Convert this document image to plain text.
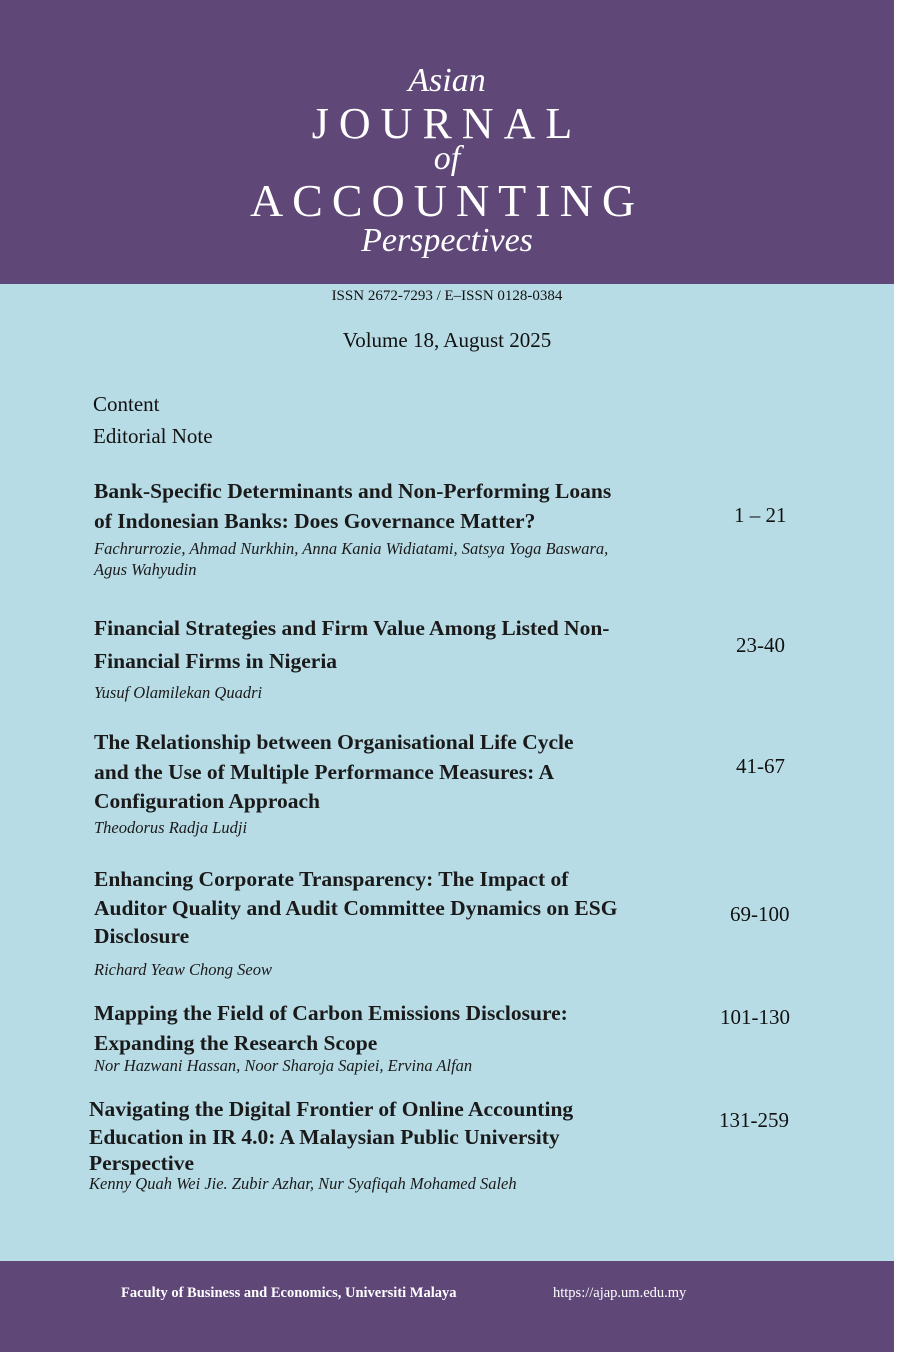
Asian
JOURNAL
of
ACCOUNTING
Perspectives
ISSN 2672-7293 / E–ISSN 0128-0384
Volume 18, August 2025
Content
Editorial Note
Bank-Specific Determinants and Non-Performing Loans
of Indonesian Banks: Does Governance Matter?
Fachrurrozie, Ahmad Nurkhin, Anna Kania Widiatami, Satsya Yoga Baswara,
Agus Wahyudin
1 – 21
Financial Strategies and Firm Value Among Listed Non-
Financial Firms in Nigeria
Yusuf Olamilekan Quadri
23-40
The Relationship between Organisational Life Cycle
and the Use of Multiple Performance Measures: A
Configuration Approach
Theodorus Radja Ludji
41-67
Enhancing Corporate Transparency: The Impact of
Auditor Quality and Audit Committee Dynamics on ESG
Disclosure
Richard Yeaw Chong Seow
69-100
Mapping the Field of Carbon Emissions Disclosure:
Expanding the Research Scope
Nor Hazwani Hassan, Noor Sharoja Sapiei, Ervina Alfan
101-130
Navigating the Digital Frontier of Online Accounting
Education in IR 4.0: A Malaysian Public University
Perspective
Kenny Quah Wei Jie. Zubir Azhar, Nur Syafiqah Mohamed Saleh
131-259
Faculty of Business and Economics, Universiti Malaya	https://ajap.um.edu.my
